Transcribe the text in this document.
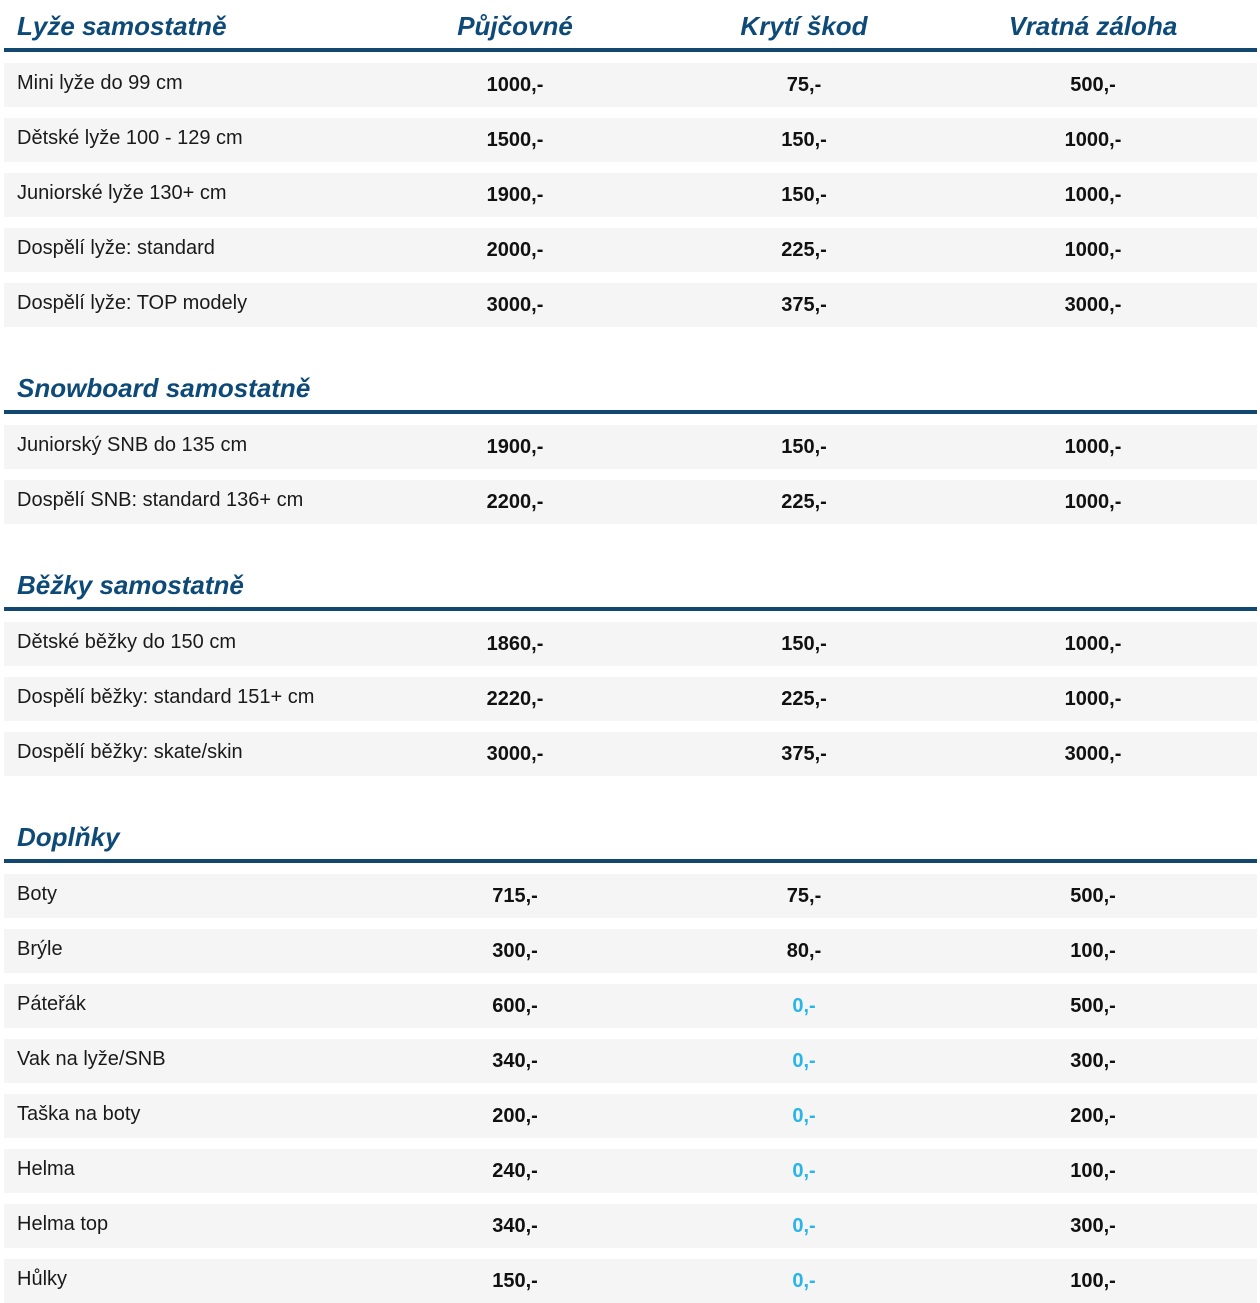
Lyže samostatně	Půjčovné	Krytí škod	Vratná záloha
Mini lyže do 99 cm	1000,-	75,-	500,-
Dětské lyže 100 - 129 cm	1500,-	150,-	1000,-
Juniorské lyže 130+ cm	1900,-	150,-	1000,-
Dospělí lyže: standard	2000,-	225,-	1000,-
Dospělí lyže: TOP modely	3000,-	375,-	3000,-
Snowboard samostatně
Juniorský SNB do 135 cm	1900,-	150,-	1000,-
Dospělí SNB: standard 136+ cm	2200,-	225,-	1000,-
Běžky samostatně
Dětské běžky do 150 cm	1860,-	150,-	1000,-
Dospělí běžky: standard 151+ cm	2220,-	225,-	1000,-
Dospělí běžky: skate/skin	3000,-	375,-	3000,-
Doplňky
Boty	715,-	75,-	500,-
Brýle	300,-	80,-	100,-
Páteřák	600,-	0,-	500,-
Vak na lyže/SNB	340,-	0,-	300,-
Taška na boty	200,-	0,-	200,-
Helma	240,-	0,-	100,-
Helma top	340,-	0,-	300,-
Hůlky	150,-	0,-	100,-
